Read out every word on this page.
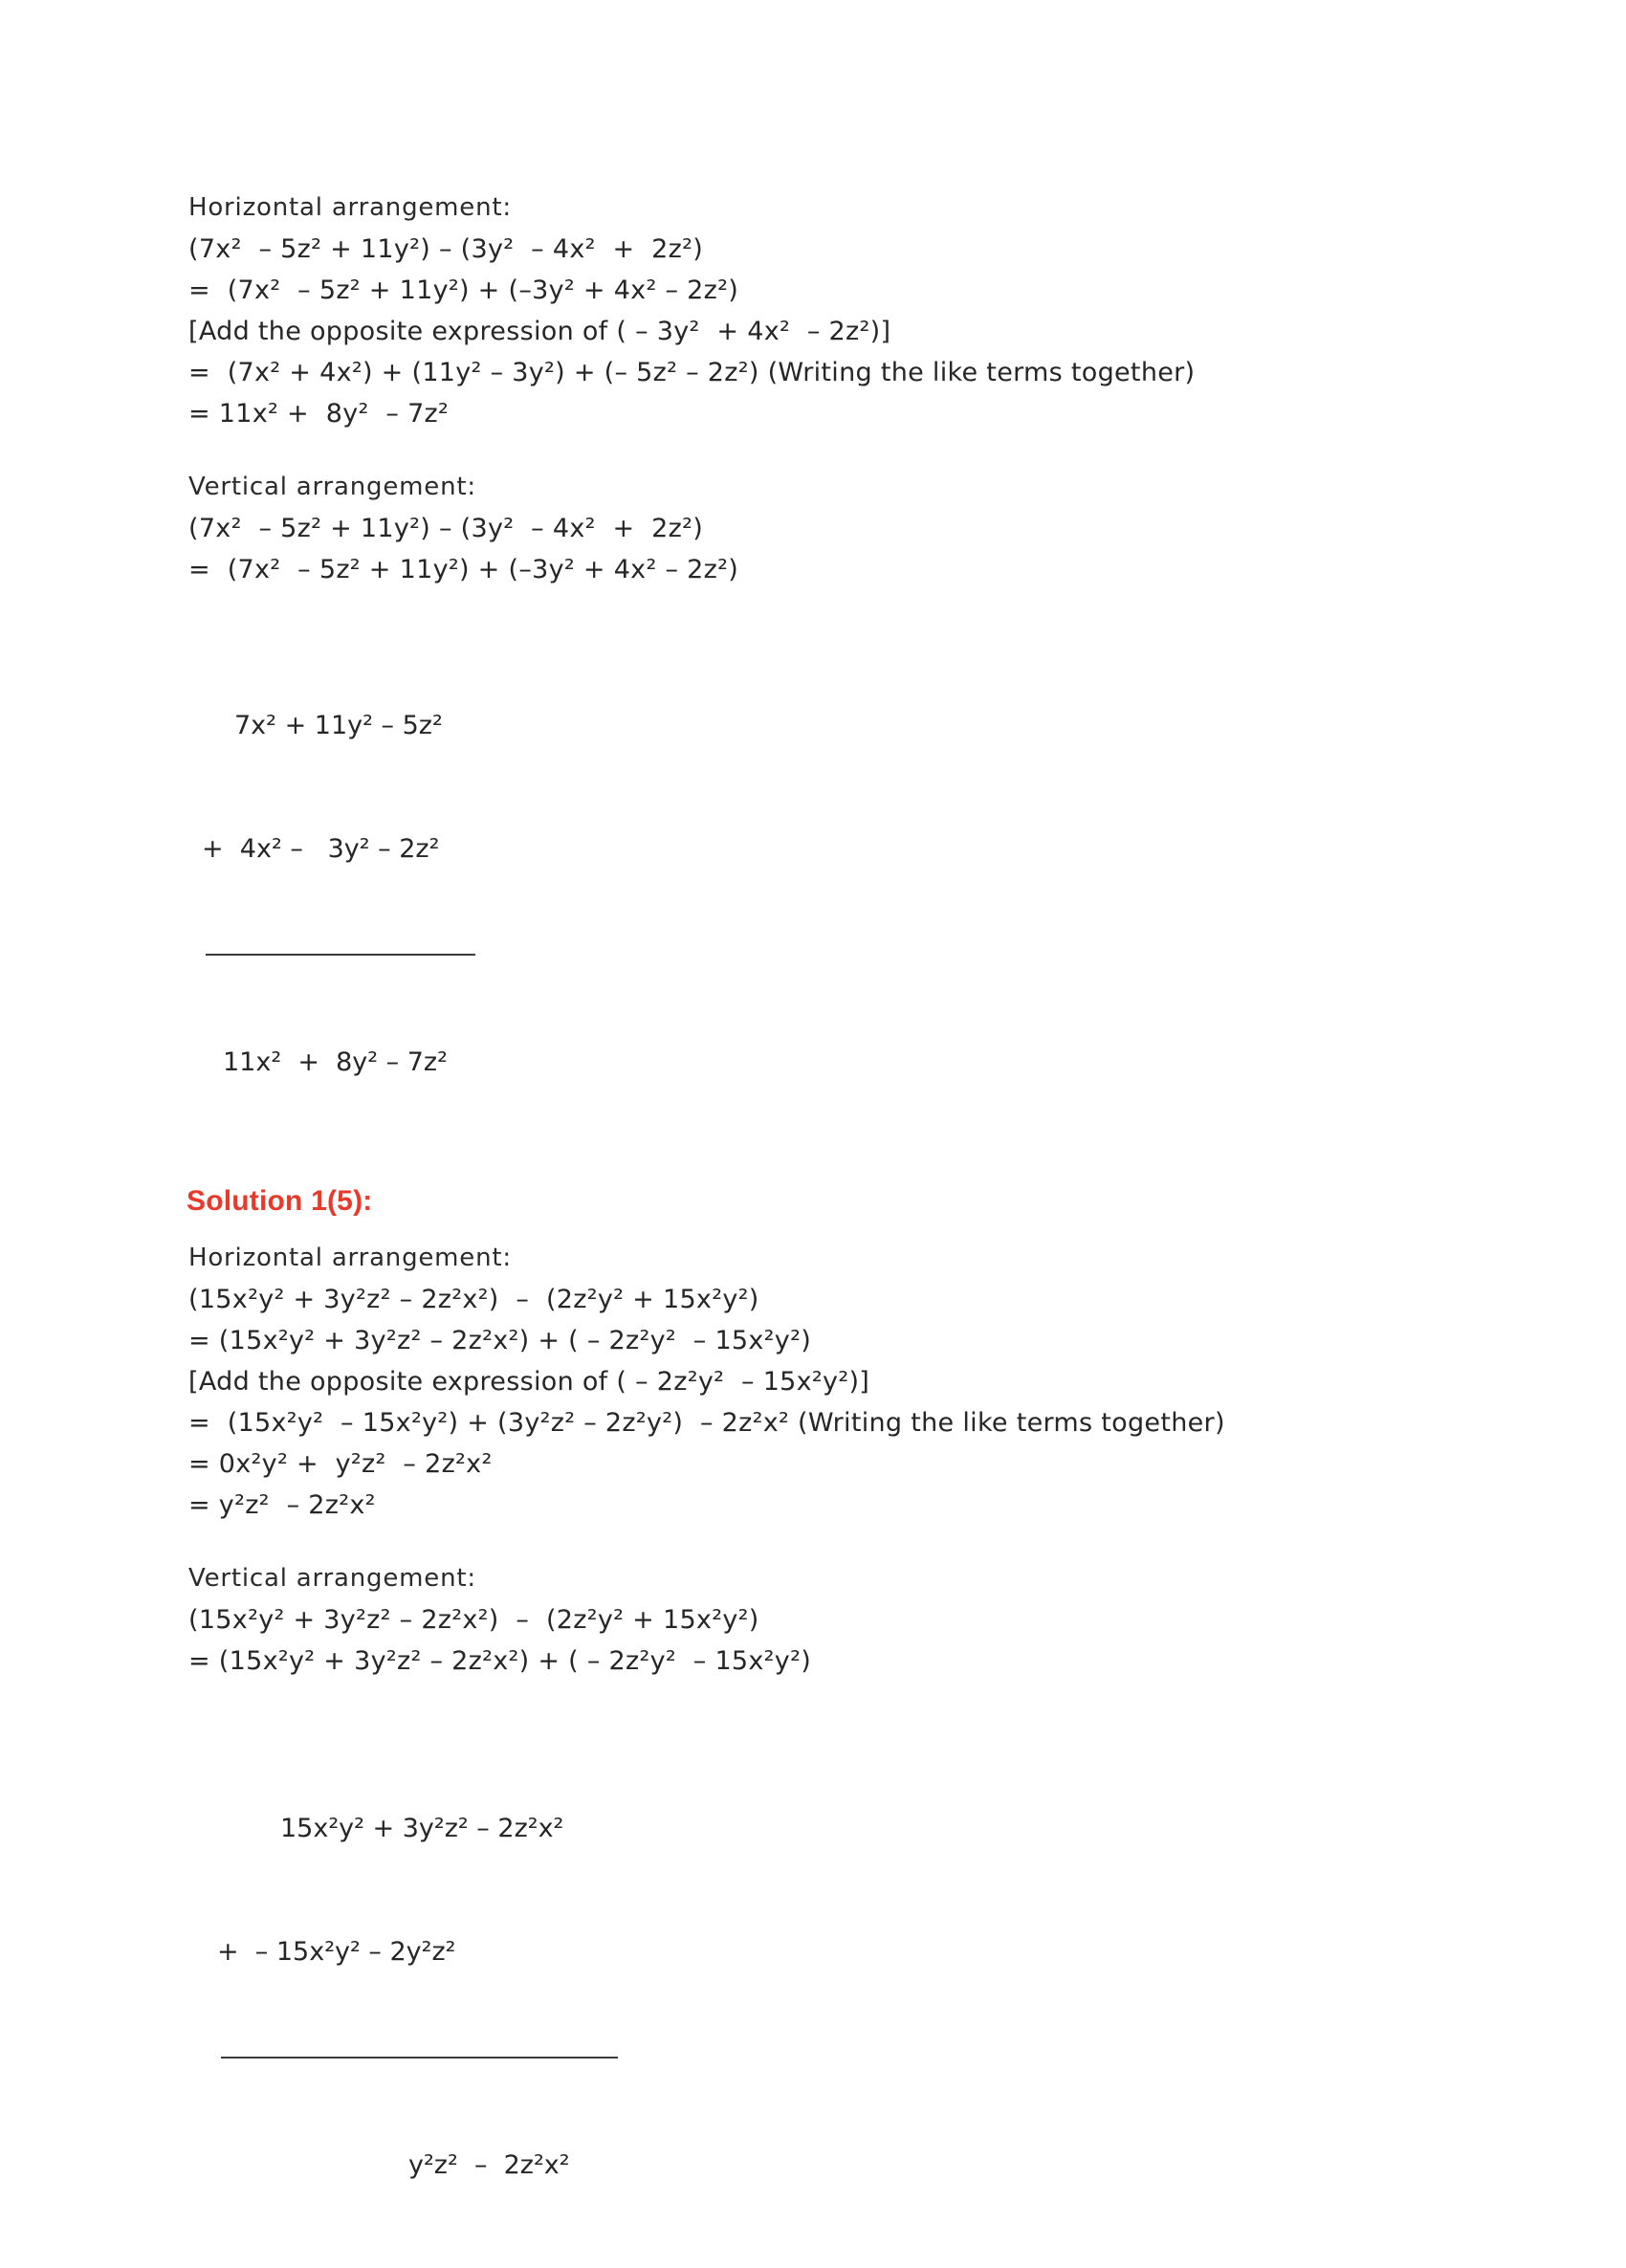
Horizontal arrangement:
(7x²  – 5z² + 11y²) – (3y²  – 4x²  +  2z²)
=  (7x²  – 5z² + 11y²) + (–3y² + 4x² – 2z²)
[Add the opposite expression of ( – 3y²  + 4x²  – 2z²)]
=  (7x² + 4x²) + (11y² – 3y²) + (– 5z² – 2z²) (Writing the like terms together)
= 11x² +  8y²  – 7z²
Vertical arrangement:
(7x²  – 5z² + 11y²) – (3y²  – 4x²  +  2z²)
=  (7x²  – 5z² + 11y²) + (–3y² + 4x² – 2z²)

7x² + 11y² – 5z²

+  4x² –   3y² – 2z²

11x²  +  8y² – 7z²

Solution 1(5):
Horizontal arrangement:
(15x²y² + 3y²z² – 2z²x²)  –  (2z²y² + 15x²y²)
= (15x²y² + 3y²z² – 2z²x²) + ( – 2z²y²  – 15x²y²)
[Add the opposite expression of ( – 2z²y²  – 15x²y²)]
=  (15x²y²  – 15x²y²) + (3y²z² – 2z²y²)  – 2z²x² (Writing the like terms together)
= 0x²y² +  y²z²  – 2z²x²
= y²z²  – 2z²x²
Vertical arrangement:
(15x²y² + 3y²z² – 2z²x²)  –  (2z²y² + 15x²y²)
= (15x²y² + 3y²z² – 2z²x²) + ( – 2z²y²  – 15x²y²)

15x²y² + 3y²z² – 2z²x²

+  – 15x²y² – 2y²z²

y²z²  –  2z²x²
